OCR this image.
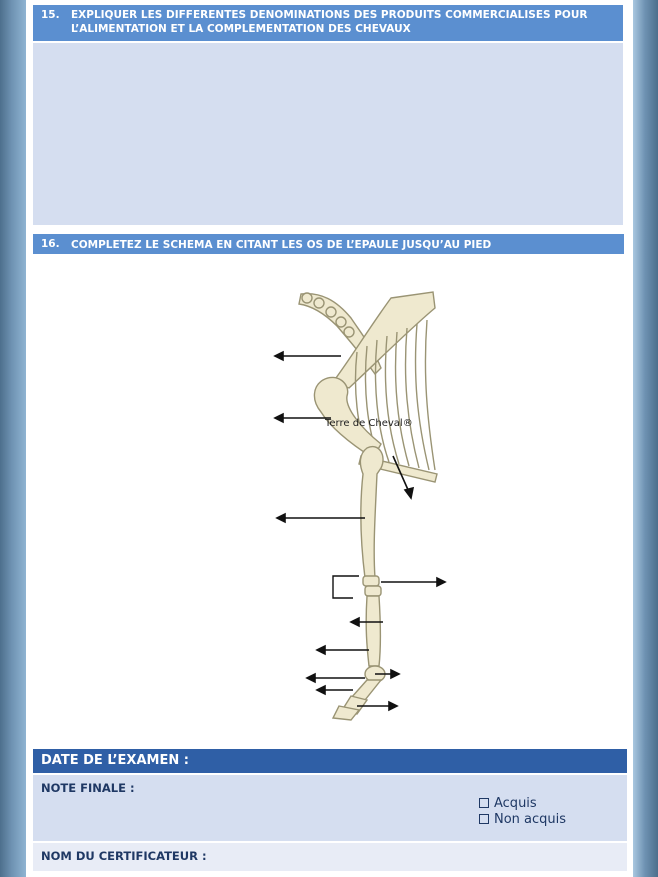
15. EXPLIQUER LES DIFFERENTES DENOMINATIONS DES PRODUITS COMMERCIALISES POUR L’ALIMENTATION ET LA COMPLEMENTATION DES CHEVAUX
16. COMPLETEZ LE SCHEMA EN CITANT LES OS DE L’EPAULE JUSQU’AU PIED
Terre de Cheval®
DATE DE L’EXAMEN :
NOTE FINALE :
Acquis
Non acquis
NOM DU CERTIFICATEUR :
